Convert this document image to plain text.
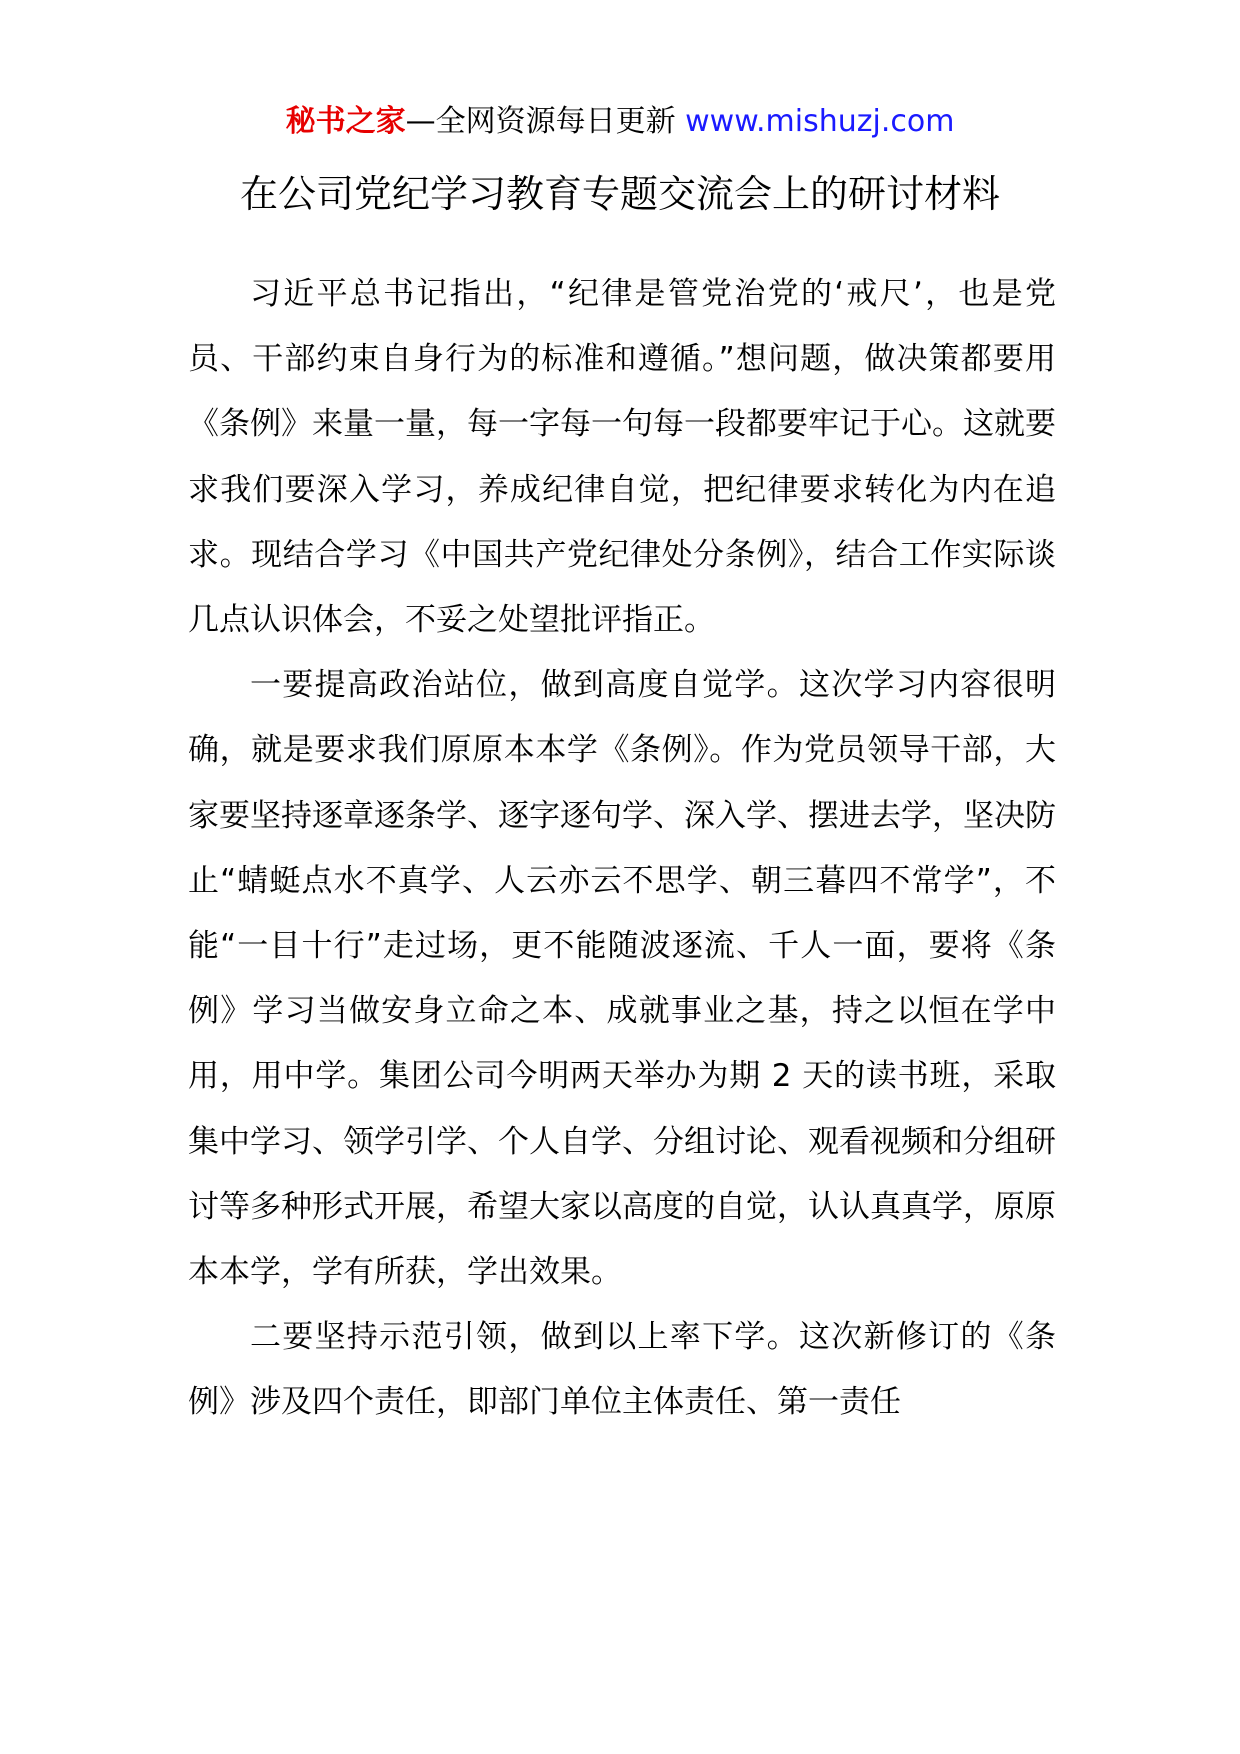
秘书之家—全网资源每日更新 www.mishuzj.com
在公司党纪学习教育专题交流会上的研讨材料

习近平总书记指出，“纪律是管党治党的‘戒尺’，也是党员、干部约束自身行为的标准和遵循。”想问题，做决策都要用《条例》来量一量，每一字每一句每一段都要牢记于心。这就要求我们要深入学习，养成纪律自觉，把纪律要求转化为内在追求。现结合学习《中国共产党纪律处分条例》，结合工作实际谈几点认识体会，不妥之处望批评指正。

一要提高政治站位，做到高度自觉学。这次学习内容很明确，就是要求我们原原本本学《条例》。作为党员领导干部，大家要坚持逐章逐条学、逐字逐句学、深入学、摆进去学，坚决防止“蜻蜓点水不真学、人云亦云不思学、朝三暮四不常学”，不能“一目十行”走过场，更不能随波逐流、千人一面，要将《条例》学习当做安身立命之本、成就事业之基，持之以恒在学中用，用中学。集团公司今明两天举办为期 2 天的读书班，采取集中学习、领学引学、个人自学、分组讨论、观看视频和分组研讨等多种形式开展，希望大家以高度的自觉，认认真真学，原原本本学，学有所获，学出效果。

二要坚持示范引领，做到以上率下学。这次新修订的《条例》涉及四个责任，即部门单位主体责任、第一责任
